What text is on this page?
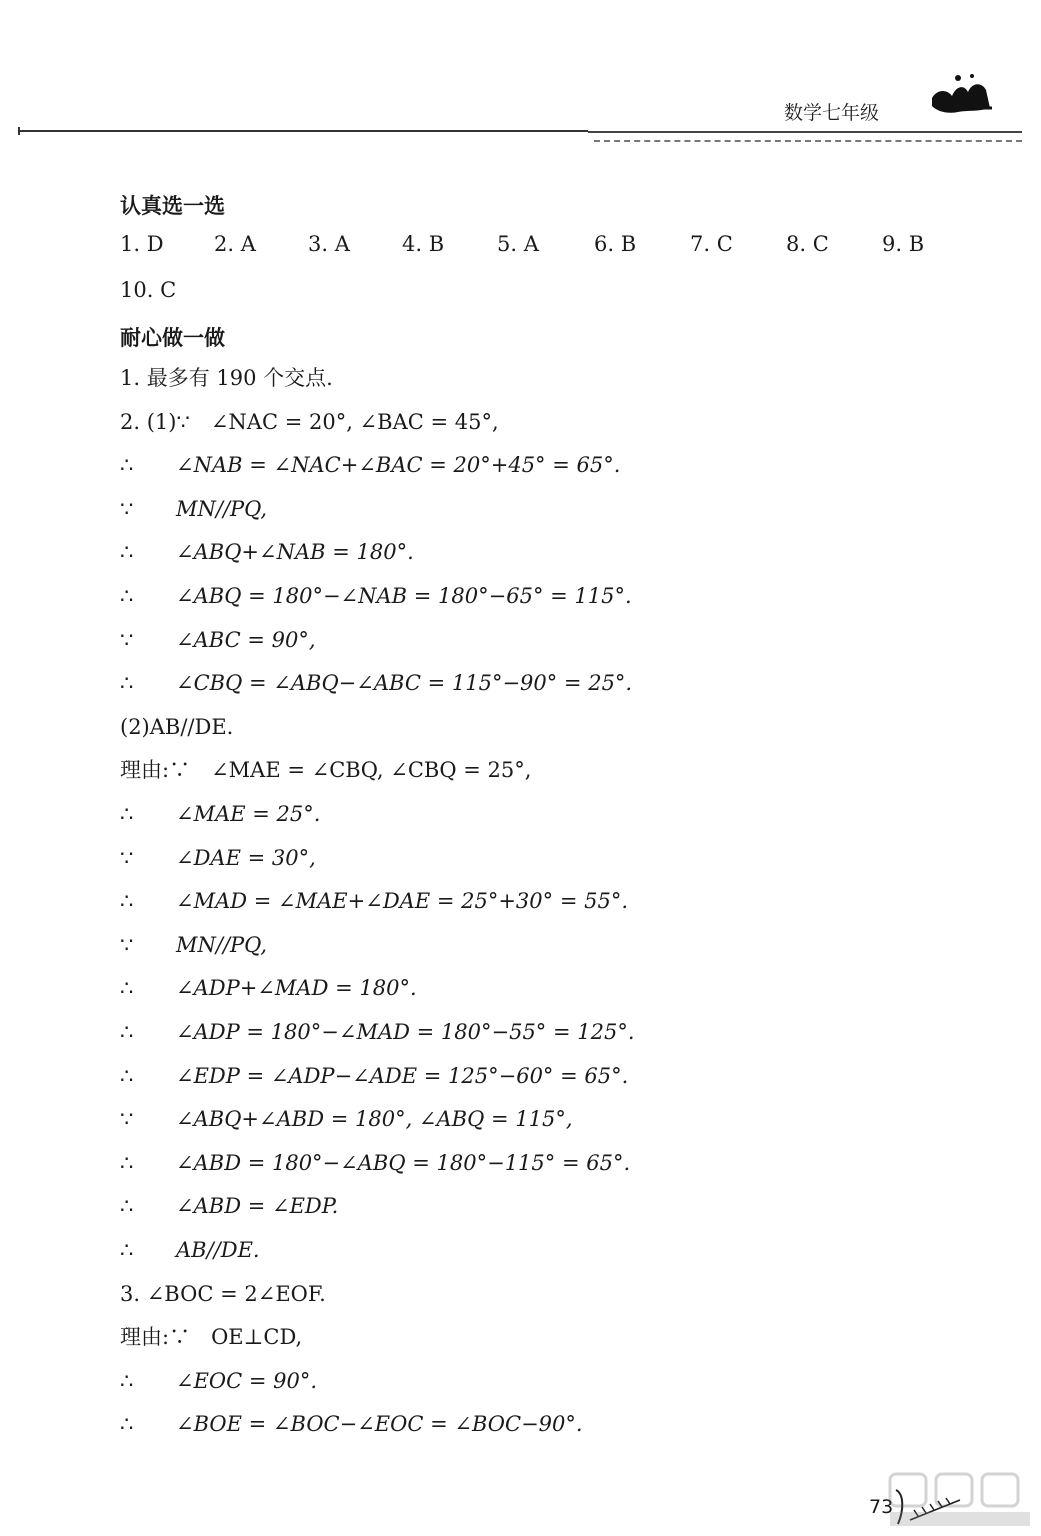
数学七年级
认真选一选
1. D 2. A 3. A 4. B	5. A	6. B	7. C	8. C	9. B
10. C
耐心做一做
1. 最多有 190 个交点.
2. (1)∵　∠NAC = 20°, ∠BAC = 45°,
∴ ∠NAB = ∠NAC+∠BAC = 20°+45° = 65°.
∵ MN//PQ,
∴ ∠ABQ+∠NAB = 180°.
∴ ∠ABQ = 180°−∠NAB = 180°−65° = 115°.
∵ ∠ABC = 90°,
∴ ∠CBQ = ∠ABQ−∠ABC = 115°−90° = 25°.
(2)AB//DE.
理由:∵　∠MAE = ∠CBQ, ∠CBQ = 25°,
∴ ∠MAE = 25°.
∵ ∠DAE = 30°,
∴ ∠MAD = ∠MAE+∠DAE = 25°+30° = 55°.
∵ MN//PQ,
∴ ∠ADP+∠MAD = 180°.
∴ ∠ADP = 180°−∠MAD = 180°−55° = 125°.
∴ ∠EDP = ∠ADP−∠ADE = 125°−60° = 65°.
∵ ∠ABQ+∠ABD = 180°, ∠ABQ = 115°,
∴ ∠ABD = 180°−∠ABQ = 180°−115° = 65°.
∴ ∠ABD = ∠EDP.
∴ AB//DE.
3. ∠BOC = 2∠EOF.
理由:∵　OE⊥CD,
∴ ∠EOC = 90°.
∴ ∠BOE = ∠BOC−∠EOC = ∠BOC−90°.
73
